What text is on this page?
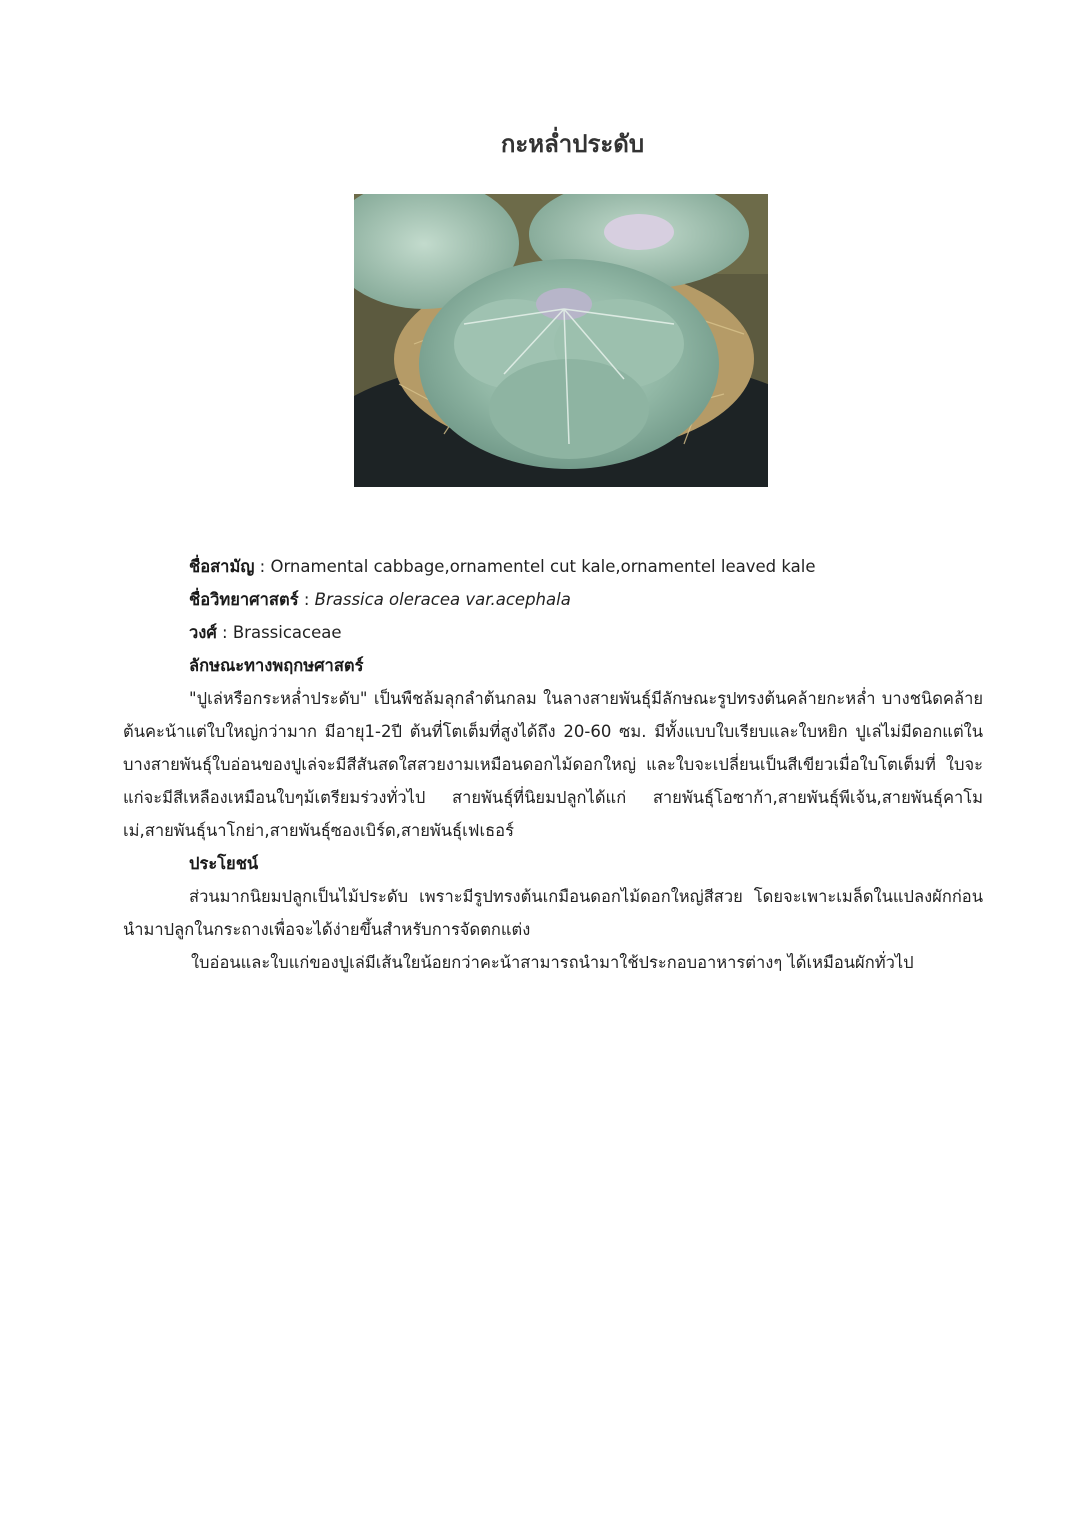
กะหล่ำประดับ
ชื่อสามัญ : Ornamental cabbage,ornamentel cut kale,ornamentel leaved kale
ชื่อวิทยาศาสตร์ : Brassica oleracea var.acephala
วงศ์ : Brassicaceae
ลักษณะทางพฤกษศาสตร์

"ปูเล่หรือกระหล่ำประดับ" เป็นพืชล้มลุกลำต้นกลม ในลางสายพันธุ์มีลักษณะรูปทรงต้นคล้ายกะหล่ำ บางชนิดคล้ายต้นคะน้าแต่ใบใหญ่กว่ามาก มีอายุ1-2ปี ต้นที่โตเต็มที่สูงได้ถึง 20-60 ซม. มีทั้งแบบใบเรียบและใบหยิก ปูเล่ไม่มีดอกแต่ในบางสายพันธุ์ใบอ่อนของปูเล่จะมีสีสันสดใสสวยงามเหมือนดอกไม้ดอกใหญ่ และใบจะเปลี่ยนเป็นสีเขียวเมื่อใบโตเต็มที่ ใบจะแก่จะมีสีเหลืองเหมือนใบๆม้เตรียมร่วงทั่วไป สายพันธุ์ที่นิยมปลูกได้แก่ สายพันธุ์โอซาก้า,สายพันธุ์พีเจ้น,สายพันธุ์คาโมเม่,สายพันธุ์นาโกย่า,สายพันธุ์ซองเบิร์ด,สายพันธุ์เฟเธอร์

ประโยชน์

ส่วนมากนิยมปลูกเป็นไม้ประดับ เพราะมีรูปทรงต้นเกมือนดอกไม้ดอกใหญ่สีสวย โดยจะเพาะเมล็ดในแปลงผักก่อนนำมาปลูกในกระถางเพื่อจะได้ง่ายขึ้นสำหรับการจัดตกแต่ง

ใบอ่อนและใบแก่ของปูเล่มีเส้นใยน้อยกว่าคะน้าสามารถนำมาใช้ประกอบอาหารต่างๆ ได้เหมือนผักทั่วไป
